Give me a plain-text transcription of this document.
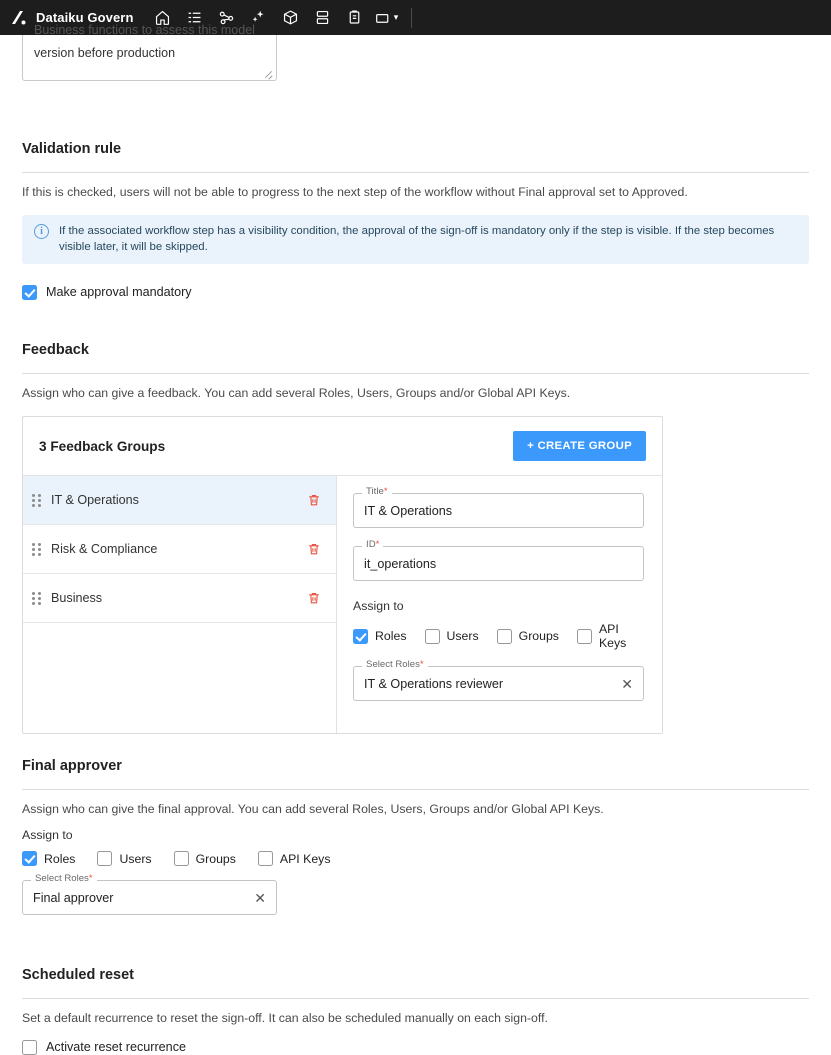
Dataiku Govern	▾
Business functions to assess this model
version before production
Validation rule

If this is checked, users will not be able to progress to the next step of the workflow without Final approval set to Approved.

i	If the associated workflow step has a visibility condition, the approval of the sign-off is mandatory only if the step is visible. If the step becomes visible later, it will be skipped.
Make approval mandatory
Feedback

Assign who can give a feedback. You can add several Roles, Users, Groups and/or Global API Keys.

3 Feedback Groups	+ CREATE GROUP
IT & Operations
Risk & Compliance
Business
Title*
IT & Operations
ID*
it_operations
Assign to
Roles	Users	Groups	API Keys
Select Roles*
IT & Operations reviewer	✕
Final approver

Assign who can give the final approval. You can add several Roles, Users, Groups and/or Global API Keys.

Assign to
Roles	Users	Groups	API Keys
Select Roles*
Final approver	✕
Scheduled reset

Set a default recurrence to reset the sign-off. It can also be scheduled manually on each sign-off.

Activate reset recurrence
